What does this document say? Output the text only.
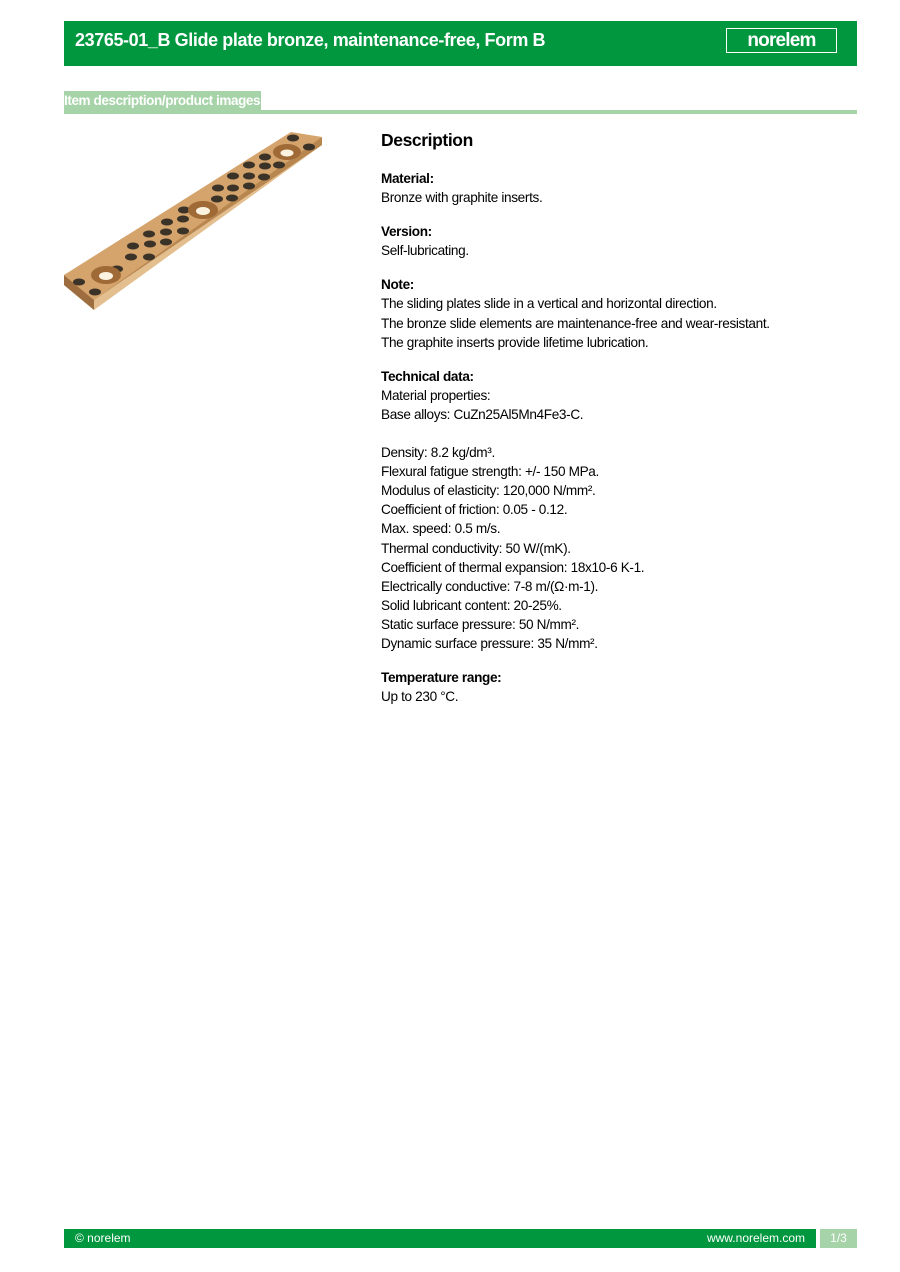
23765-01_B Glide plate bronze, maintenance-free, Form B	norelem
Item description/product images
Description
Material:
Bronze with graphite inserts.
Version:
Self-lubricating.
Note:
The sliding plates slide in a vertical and horizontal direction.
The bronze slide elements are maintenance-free and wear-resistant.
The graphite inserts provide lifetime lubrication.
Technical data:
Material properties:
Base alloys: CuZn25Al5Mn4Fe3-C.
Density: 8.2 kg/dm³.
Flexural fatigue strength: +/- 150 MPa.
Modulus of elasticity: 120,000 N/mm².
Coefficient of friction: 0.05 - 0.12.
Max. speed: 0.5 m/s.
Thermal conductivity: 50 W/(mK).
Coefficient of thermal expansion: 18x10-6 K-1.
Electrically conductive: 7-8 m/(Ω·m-1).
Solid lubricant content: 20-25%.
Static surface pressure: 50 N/mm².
Dynamic surface pressure: 35 N/mm².
Temperature range:
Up to 230 °C.
© norelem	www.norelem.com	1/3
